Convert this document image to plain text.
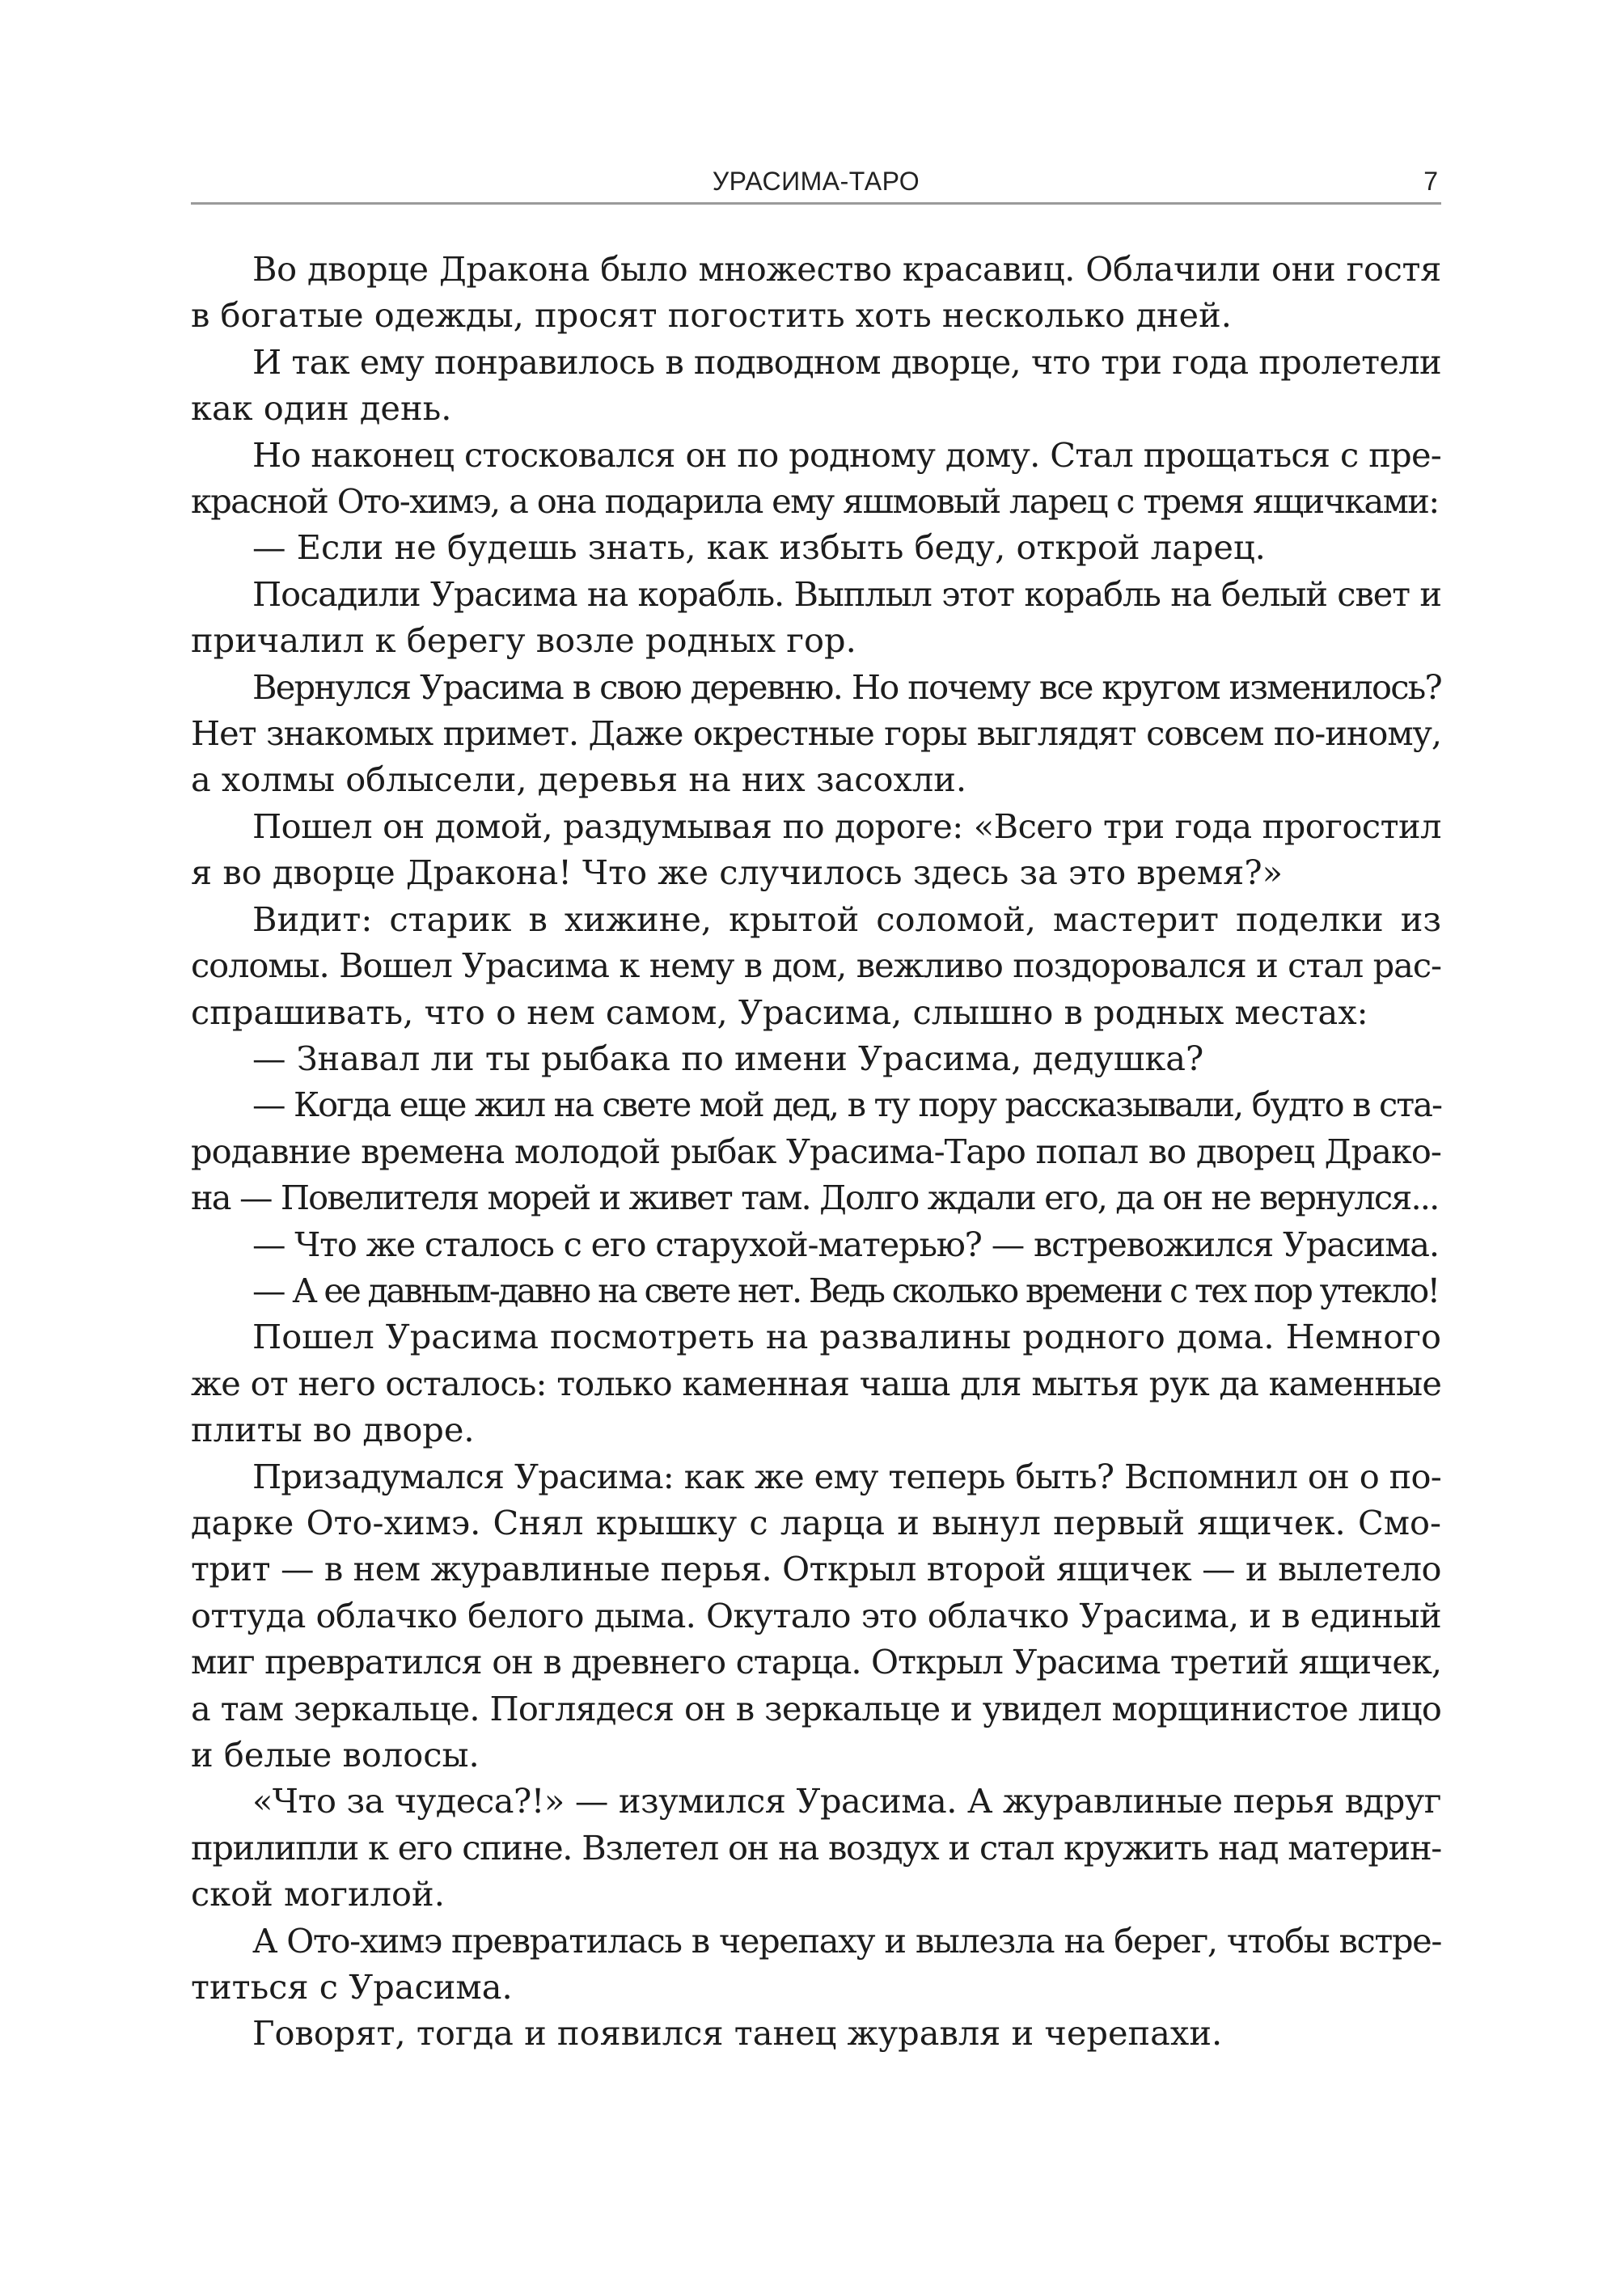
УРАСИМА-ТАРО	7
Во дворце Дракона было множество красавиц. Облачили они гостя
в богатые одежды, просят погостить хоть несколько дней.
И так ему понравилось в подводном дворце, что три года пролетели
как один день.
Но наконец стосковался он по родному дому. Стал прощаться с пре-
красной Ото-химэ, а она подарила ему яшмовый ларец с тремя ящичками:
— Если не будешь знать, как избыть беду, открой ларец.
Посадили Урасима на корабль. Выплыл этот корабль на белый свет и
причалил к берегу возле родных гор.
Вернулся Урасима в свою деревню. Но почему все кругом изменилось?
Нет знакомых примет. Даже окрестные горы выглядят совсем по-иному,
а холмы облысели, деревья на них засохли.
Пошел он домой, раздумывая по дороге: «Всего три года прогостил
я во дворце Дракона! Что же случилось здесь за это время?»
Видит: старик в хижине, крытой соломой, мастерит поделки из
соломы. Вошел Урасима к нему в дом, вежливо поздоровался и стал рас-
спрашивать, что о нем самом, Урасима, слышно в родных местах:
— Знавал ли ты рыбака по имени Урасима, дедушка?
— Когда еще жил на свете мой дед, в ту пору рассказывали, будто в ста-
родавние времена молодой рыбак Урасима-Таро попал во дворец Драко-
на — Повелителя морей и живет там. Долго ждали его, да он не вернулся...
— Что же сталось с его старухой-матерью? — встревожился Урасима.
— А ее давным-давно на свете нет. Ведь сколько времени с тех пор утекло!
Пошел Урасима посмотреть на развалины родного дома. Немного
же от него осталось: только каменная чаша для мытья рук да каменные
плиты во дворе.
Призадумался Урасима: как же ему теперь быть? Вспомнил он о по-
дарке Ото-химэ. Снял крышку с ларца и вынул первый ящичек. Смо-
трит — в нем журавлиные перья. Открыл второй ящичек — и вылетело
оттуда облачко белого дыма. Окутало это облачко Урасима, и в единый
миг превратился он в древнего старца. Открыл Урасима третий ящичек,
а там зеркальце. Поглядеся он в зеркальце и увидел морщинистое лицо
и белые волосы.
«Что за чудеса?!» — изумился Урасима. А журавлиные перья вдруг
прилипли к его спине. Взлетел он на воздух и стал кружить над материн-
ской могилой.
А Ото-химэ превратилась в черепаху и вылезла на берег, чтобы встре-
титься с Урасима.
Говорят, тогда и появился танец журавля и черепахи.
